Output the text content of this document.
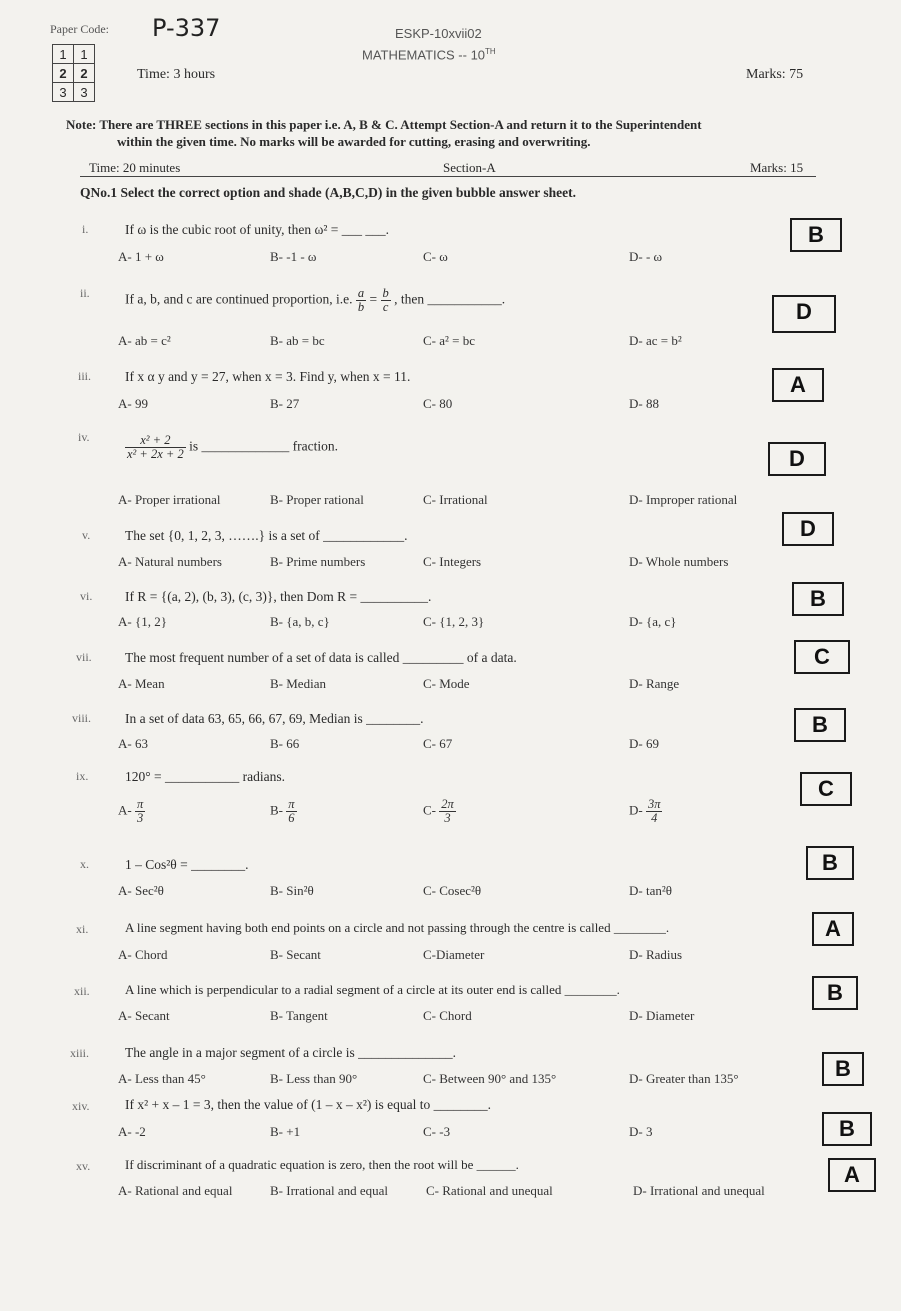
Paper Code: P-337
1	1
2	2
3	3
ESKP-10xvii02
MATHEMATICS -- 10TH
Time: 3 hours	Marks: 75
Note: There are THREE sections in this paper i.e. A, B & C. Attempt Section-A and return it to the Superintendent
within the given time. No marks will be awarded for cutting, erasing and overwriting.
Time: 20 minutes	Section-A	Marks: 15
QNo.1 Select the correct option and shade (A,B,C,D) in the given bubble answer sheet.
i.	If ω is the cubic root of unity, then ω² = ___ ___.
A- 1 + ω	B- -1 - ω	C- ω	D- - ω
B
ii.	If a, b, and c are continued proportion, i.e. $\frac{a}{b} = \frac{b}{c}$ , then ___________.
A- ab = c²	B- ab = bc	C- a² = bc	D- ac = b²
D
iii.	If x α y and y = 27, when x = 3. Find y, when x = 11.
A- 99	B- 27	C- 80	D- 88
A
iv.	$\frac{\text{x² + 2}}{\text{x² + 2x + 2}}$ is _____________ fraction.
A- Proper irrational	B- Proper rational	C- Irrational	D- Improper rational
D
v.	The set {0, 1, 2, 3, …….} is a set of ____________.
A- Natural numbers	B- Prime numbers	C- Integers	D- Whole numbers
D
vi. If R = {(a, 2), (b, 3), (c, 3)}, then Dom R = __________.
A- {1, 2}	B- {a, b, c}	C- {1, 2, 3}	D- {a, c}
B
vii. The most frequent number of a set of data is called _________ of a data.
A- Mean	B- Median	C- Mode	D- Range
C
viii.	In a set of data 63, 65, 66, 67, 69, Median is ________.
A- 63	B- 66	C- 67	D- 69
B
ix.	120° = ___________ radians.
$A- \frac{\pi}{3}$	$B- \frac{\pi}{6}$	$C- \frac{2\pi}{3}$	$D- \frac{3\pi}{4}$
C
x.	1 – Cos²θ = ________.
A- Sec²θ	B- Sin²θ	C- Cosec²θ	D- tan²θ
B
xi.	A line segment having both end points on a circle and not passing through the centre is called ________.
A- Chord	B- Secant	C-Diameter	D- Radius
A
xii.	A line which is perpendicular to a radial segment of a circle at its outer end is called ________.
A- Secant	B- Tangent	C- Chord	D- Diameter
B
xiii.	The angle in a major segment of a circle is ______________.
A- Less than 45°	B- Less than 90°	C- Between 90° and 135°	D- Greater than 135°	B
xiv.	If x² + x – 1 = 3, then the value of (1 – x – x²) is equal to ________.
A- -2	B- +1	C- -3	D- 3	B
xv.	If discriminant of a quadratic equation is zero, then the root will be ______.
A- Rational and equal	B- Irrational and equal	C- Rational and unequal	D- Irrational and unequal
A
